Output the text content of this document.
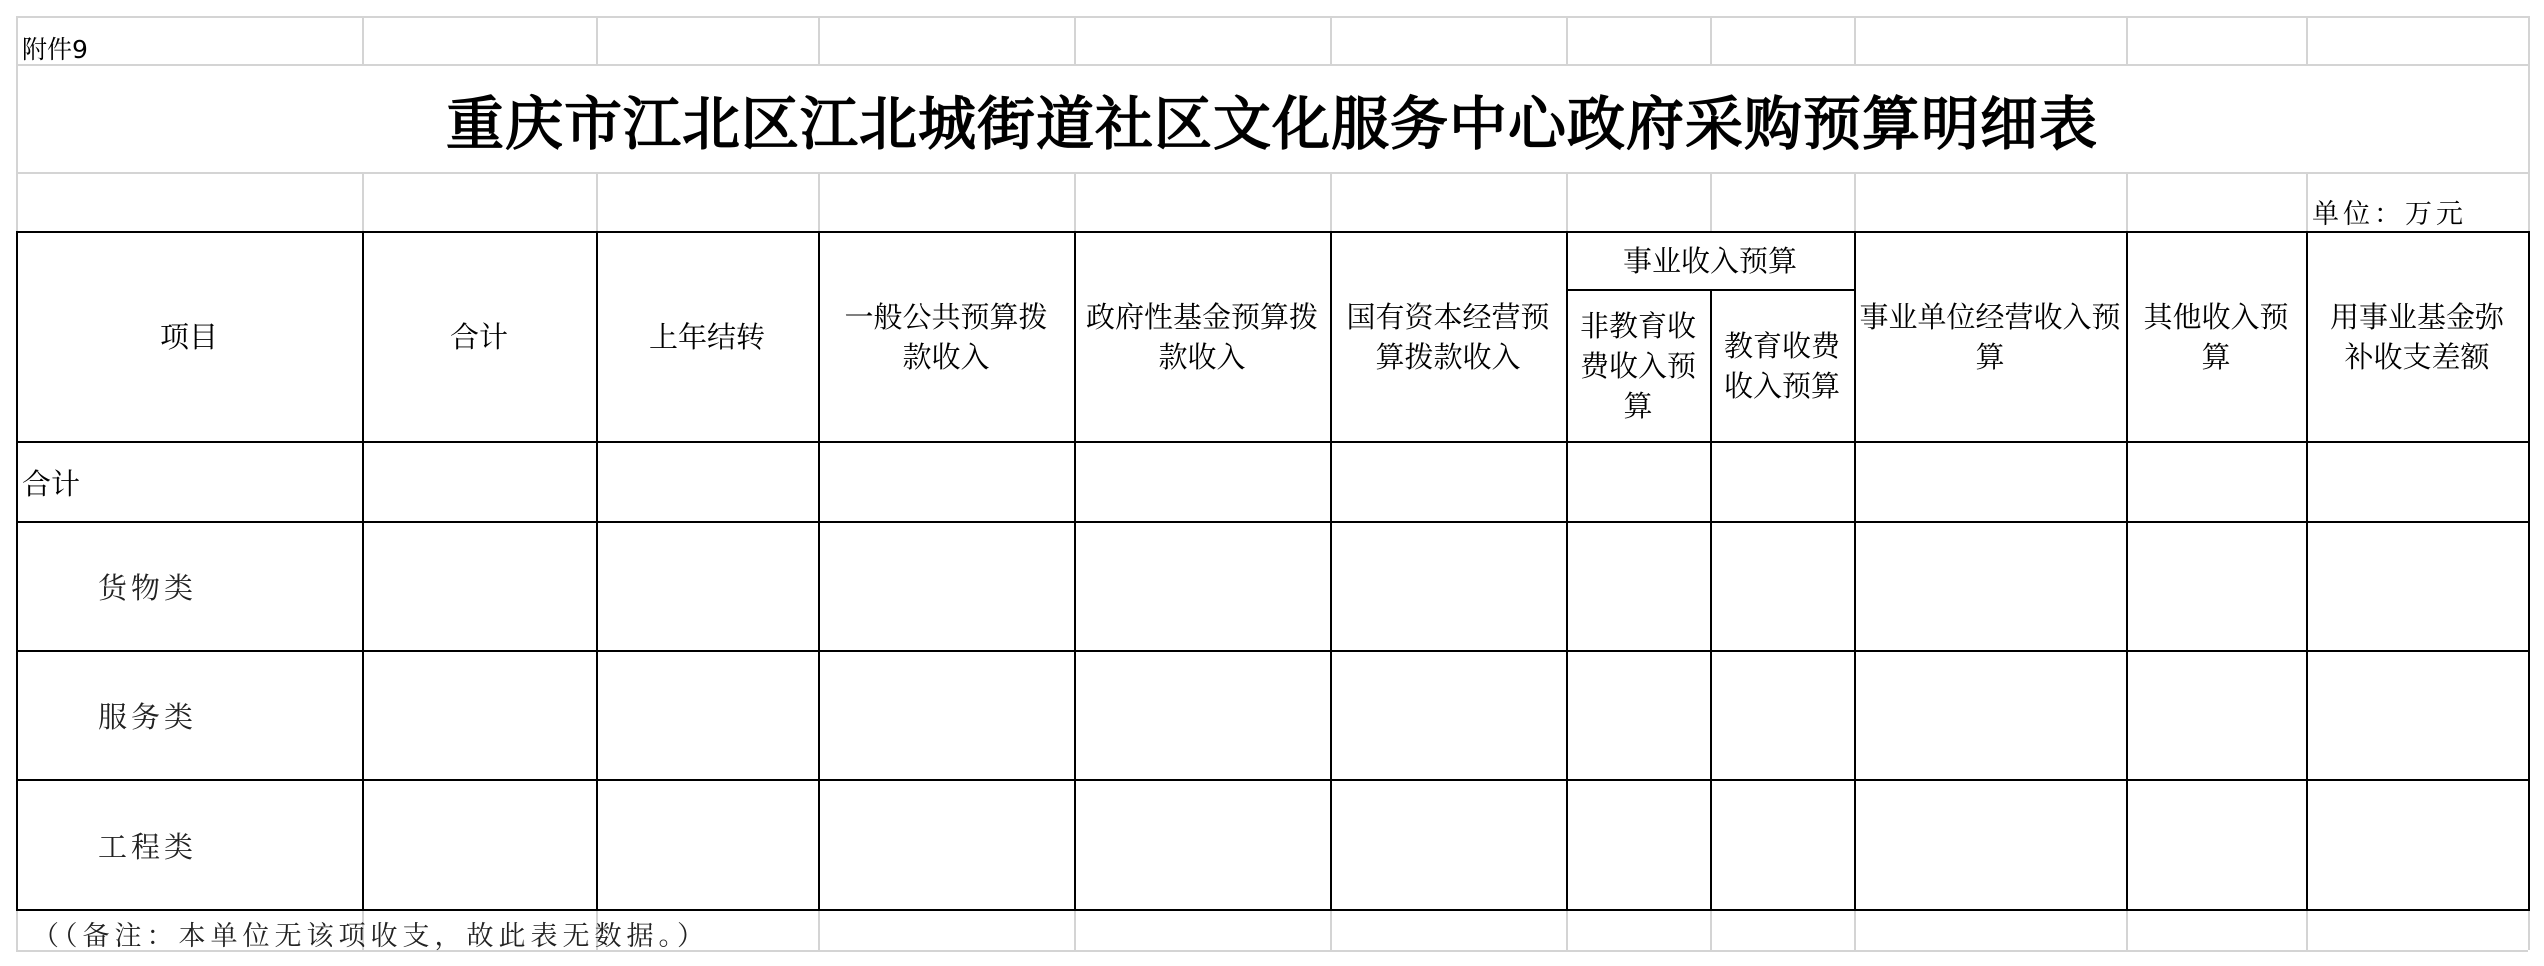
附件9
重庆市江北区江北城街道社区文化服务中心政府采购预算明细表
单位：万元
项目	合计	上年结转
一般公共预算拨款收入
政府性基金预算拨款收入
国有资本经营预算拨款收入
事业收入预算
非教育收费收入预算
教育收费收入预算
事业单位经营收入预算
其他收入预算
用事业基金弥补收支差额
合计
货物类
服务类
工程类
（（备注：本单位无该项收支，故此表无数据。）
